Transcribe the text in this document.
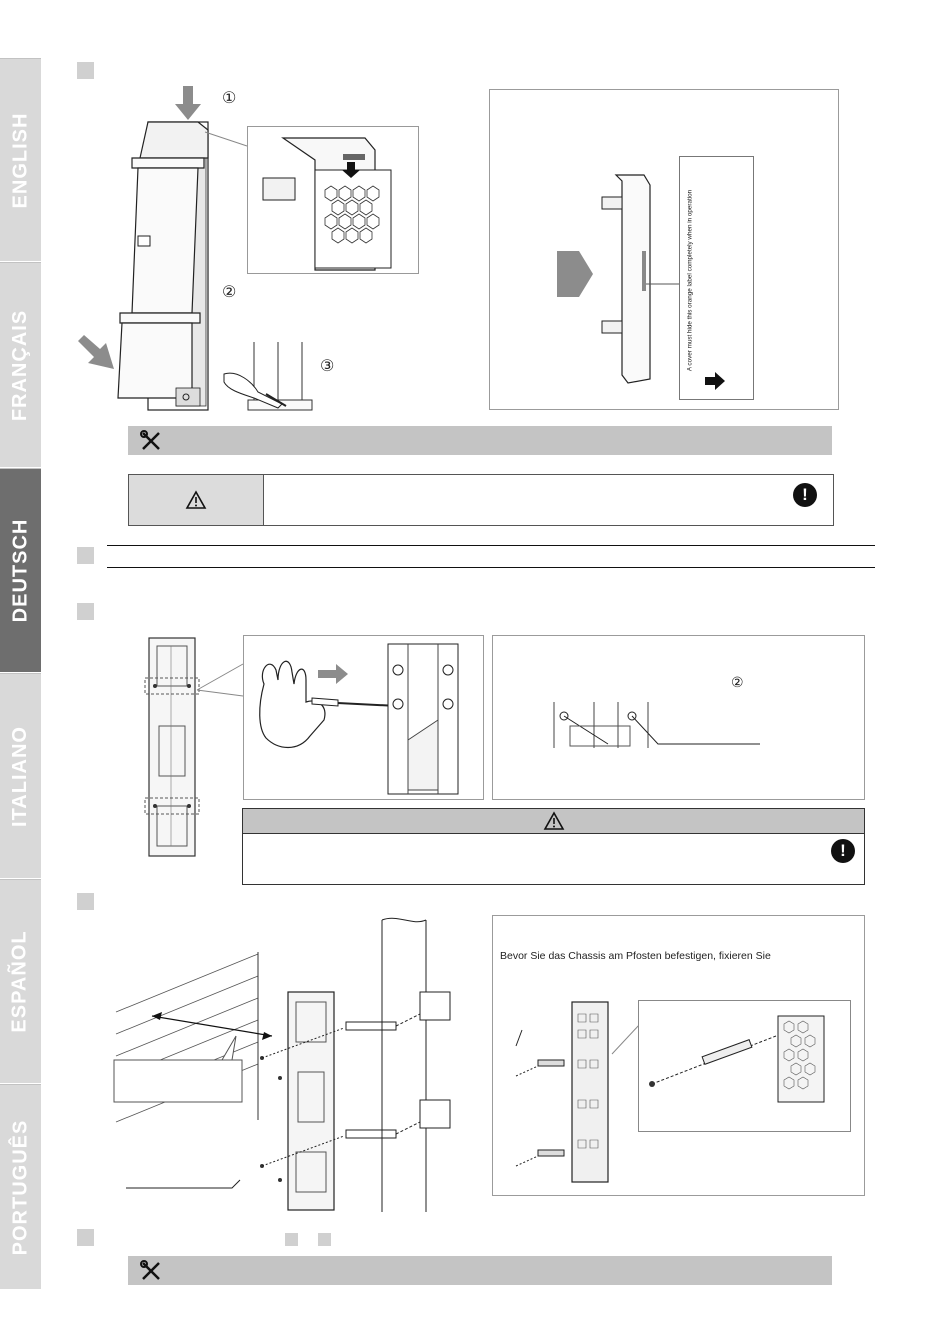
ENGLISH
FRANÇAIS
DEUTSCH
ITALIANO
ESPAÑOL
PORTUGUÊS
①
②
③	A cover must hide this orange label completely when in operation
!
②
!
Bevor Sie das Chassis am Pfosten befestigen, fixieren Sie
